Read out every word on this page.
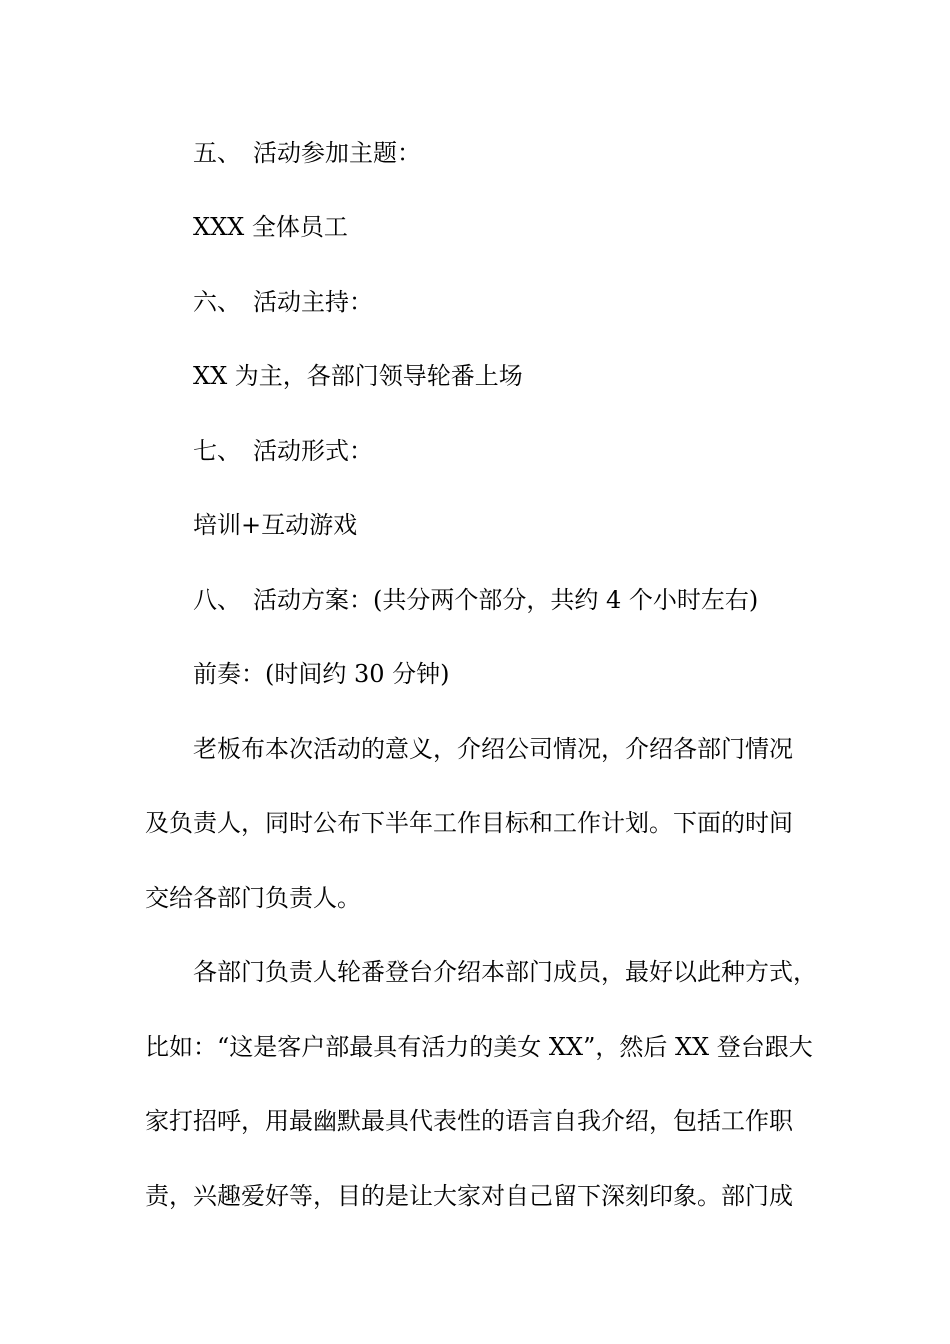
五、 活动参加主题：
XXX 全体员工
六、 活动主持：
XX 为主，各部门领导轮番上场
七、 活动形式：
培训+互动游戏
八、 活动方案：(共分两个部分，共约 4 个小时左右)
前奏：(时间约 30 分钟)
老板布本次活动的意义，介绍公司情况，介绍各部门情况
及负责人，同时公布下半年工作目标和工作计划。下面的时间
交给各部门负责人。
各部门负责人轮番登台介绍本部门成员，最好以此种方式，
比如：“这是客户部最具有活力的美女 XX”，然后 XX 登台跟大
家打招呼，用最幽默最具代表性的语言自我介绍，包括工作职
责，兴趣爱好等，目的是让大家对自己留下深刻印象。部门成
